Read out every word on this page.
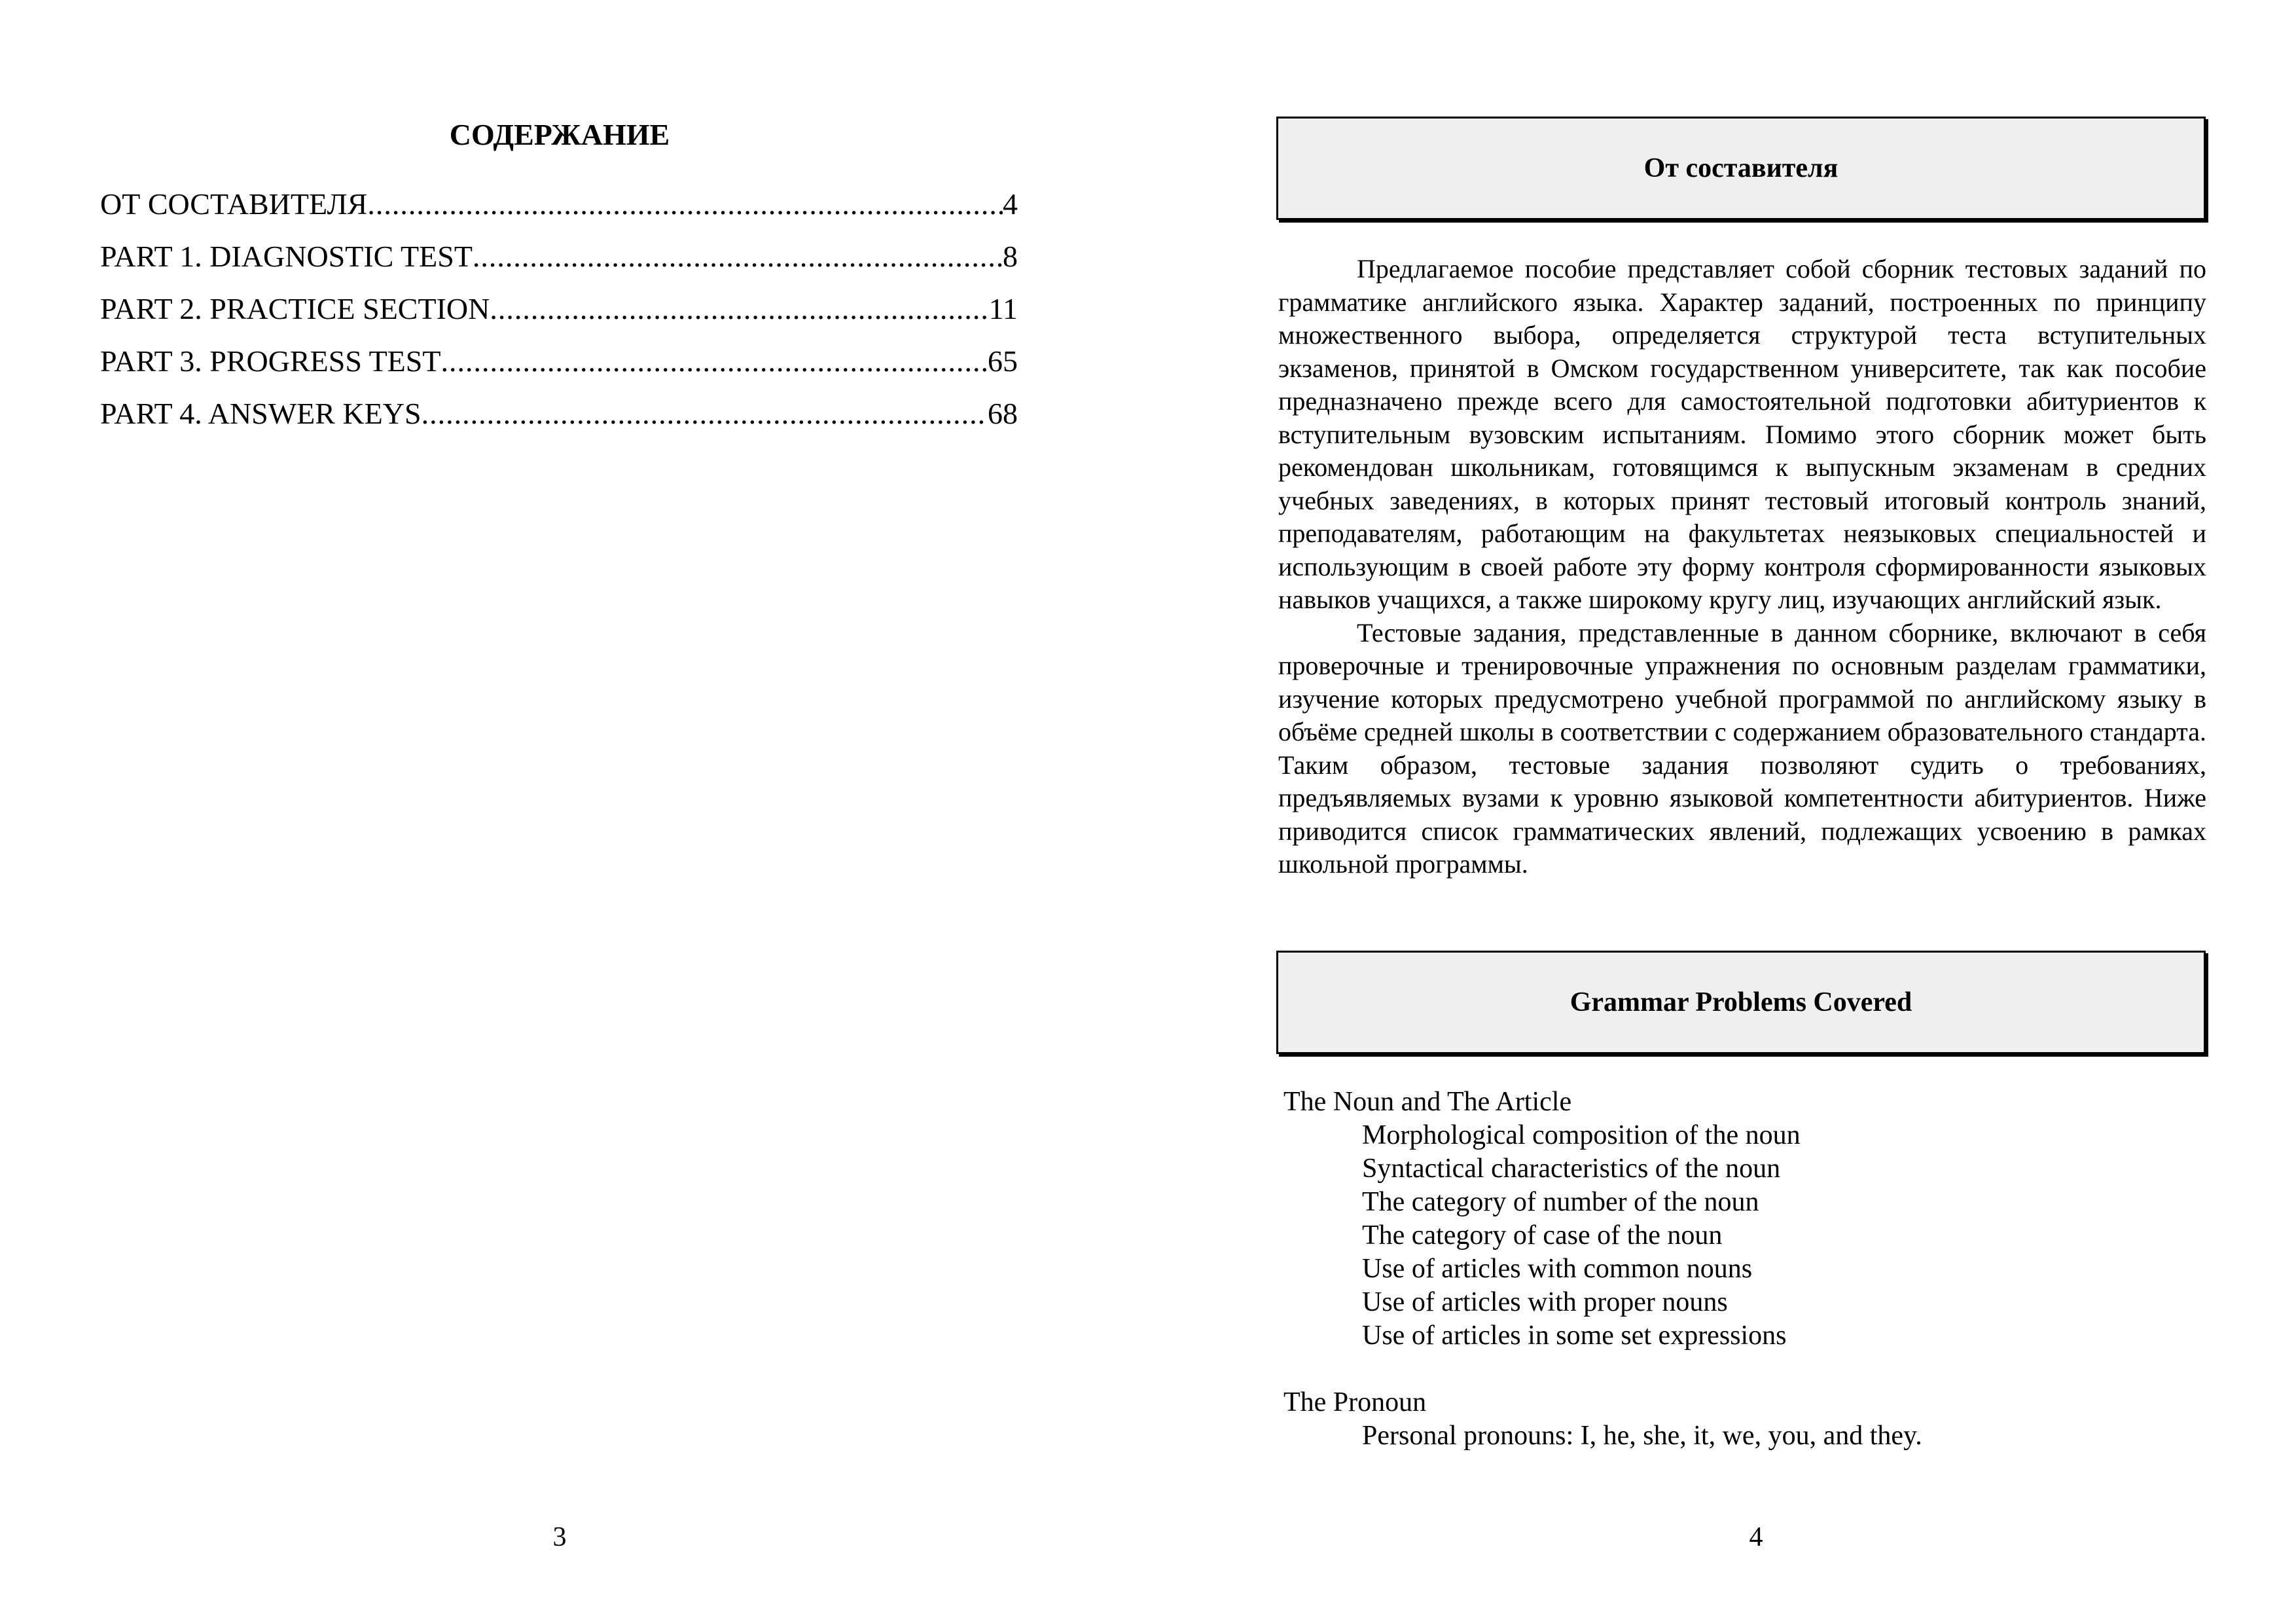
СОДЕРЖАНИЕ
ОТ СОСТАВИТЕЛЯ .....	4
PART 1. DIAGNOSTIC TEST .....	8
PART 2. PRACTICE SECTION .....	11
PART 3. PROGRESS TEST .....	65
PART 4. ANSWER KEYS .....	68
3
От составителя

Предлагаемое пособие представляет собой сборник тестовых заданий по грамматике английского языка. Характер заданий, построенных по принципу множественного выбора, определяется структурой теста вступительных экзаменов, принятой в Омском государственном университете, так как пособие предназначено прежде всего для самостоятельной подготовки абитуриентов к вступительным вузовским испытаниям. Помимо этого сборник может быть рекомендован школьникам, готовящимся к выпускным экзаменам в средних учебных заведениях, в которых принят тестовый итоговый контроль знаний, преподавателям, работающим на факультетах неязыковых специальностей и использующим в своей работе эту форму контроля сформированности языковых навыков учащихся, а также широкому кругу лиц, изучающих английский язык.

Тестовые задания, представленные в данном сборнике, включают в себя проверочные и тренировочные упражнения по основным разделам грамматики, изучение которых предусмотрено учебной программой по английскому языку в объёме средней школы в соответствии с содержанием образовательного стандарта. Таким образом, тестовые задания позволяют судить о требованиях, предъявляемых вузами к уровню языковой компетентности абитуриентов. Ниже приводится список грамматических явлений, подлежащих усвоению в рамках школьной программы.

Grammar Problems Covered
The Noun and The Article
Morphological composition of the noun
Syntactical characteristics of the noun
The category of number of the noun
The category of case of the noun
Use of articles with common nouns
Use of articles with proper nouns
Use of articles in some set expressions
The Pronoun
Personal pronouns: I, he, she, it, we, you, and they.
4
